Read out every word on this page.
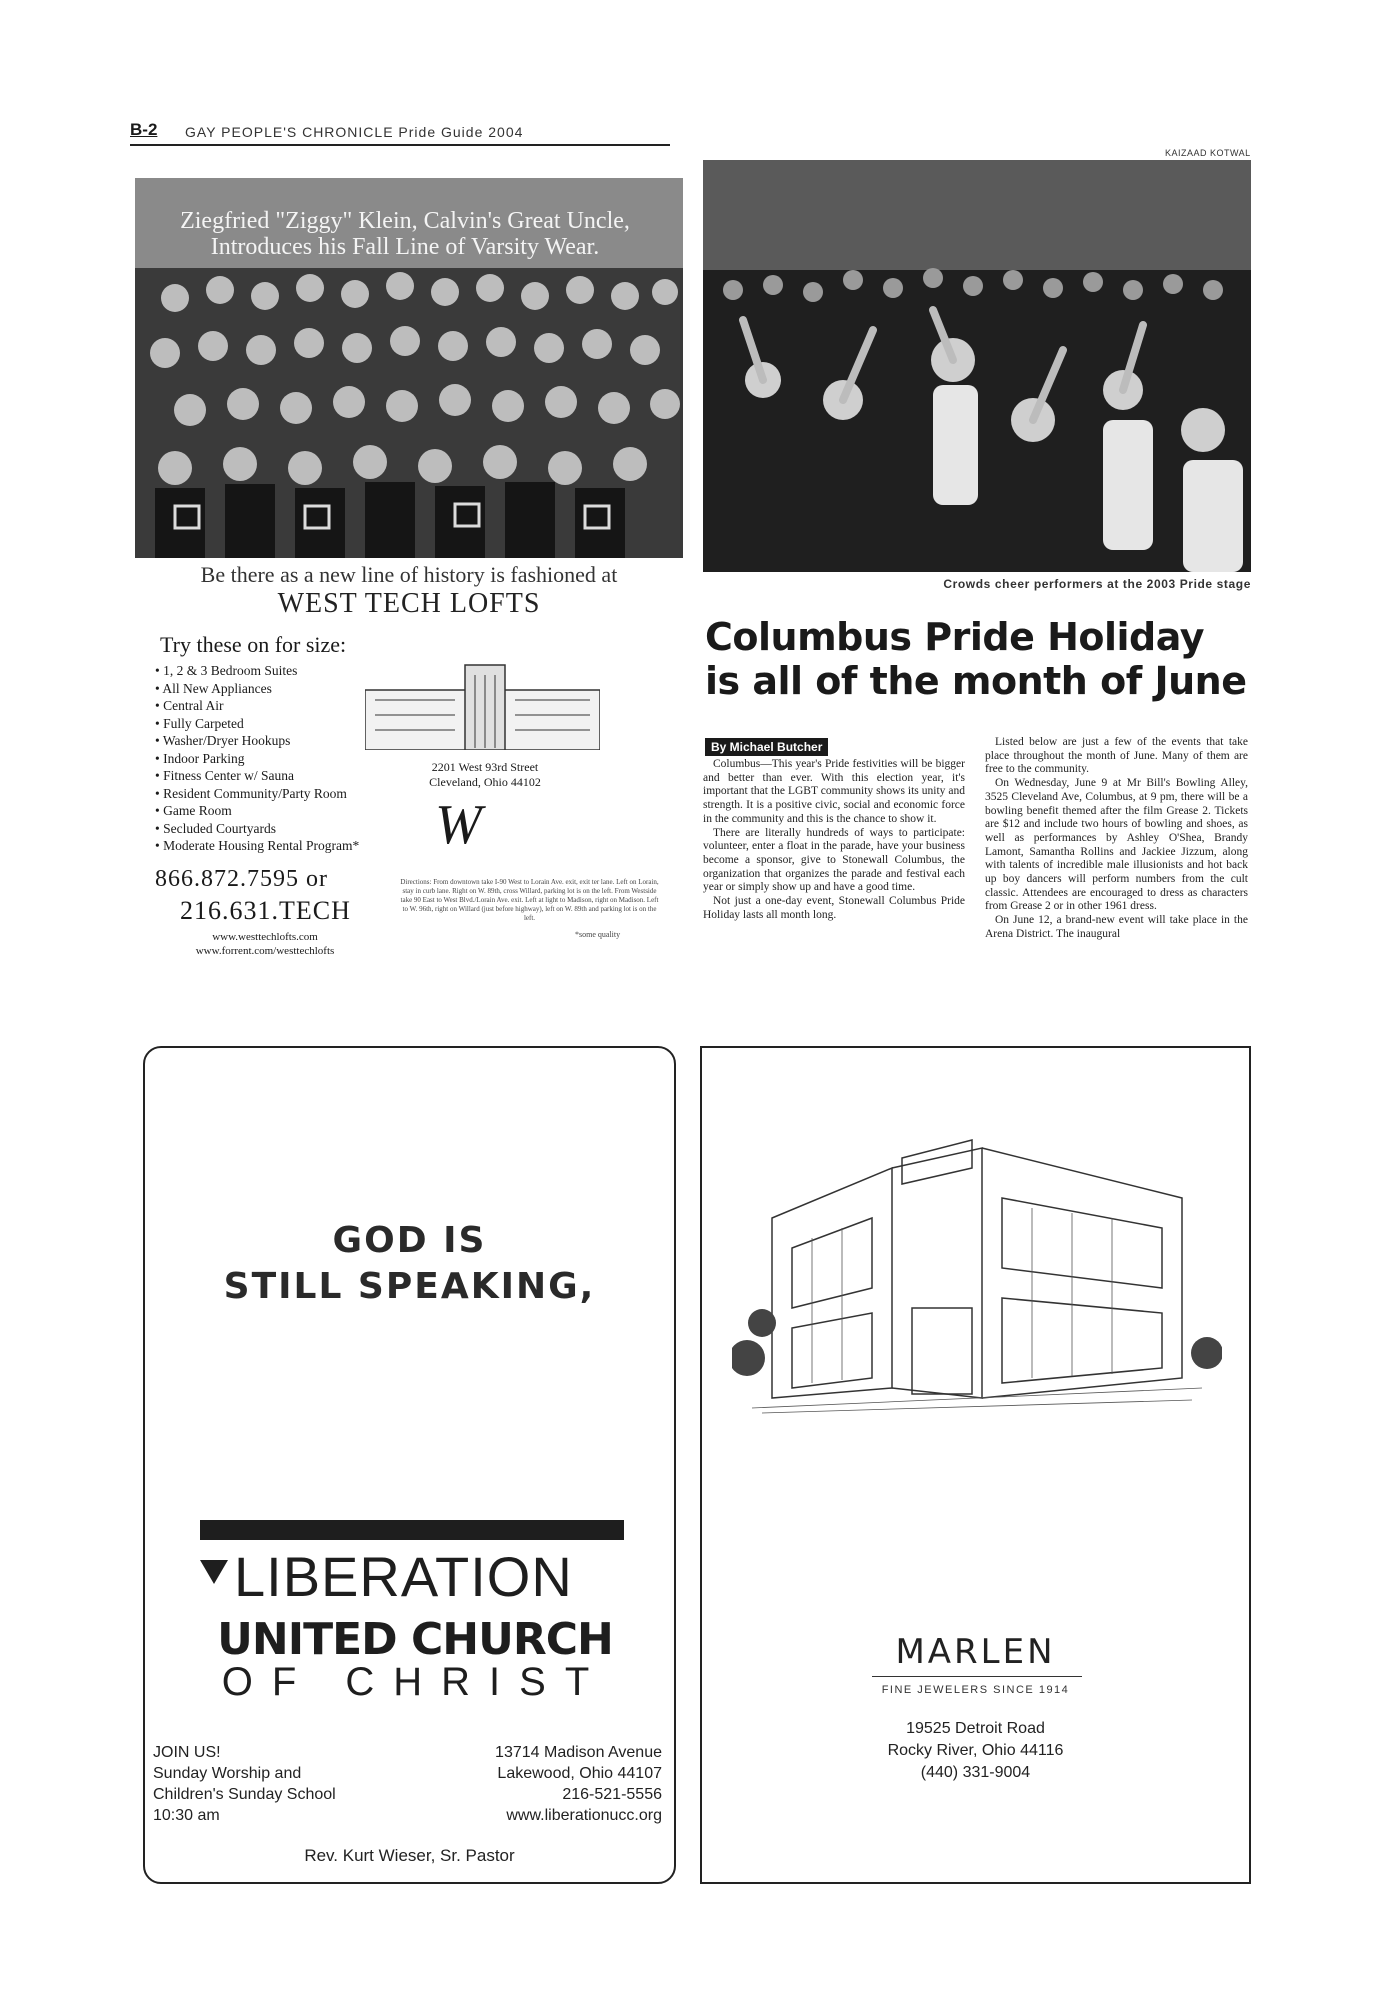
B-2 GAY PEOPLE'S CHRONICLE Pride Guide 2004
KAIZAAD KOTWAL
Ziegfried "Ziggy" Klein, Calvin's Great Uncle,
Introduces his Fall Line of Varsity Wear.
Be there as a new line of history is fashioned at
WEST TECH LOFTS
Try these on for size:
• 1, 2 & 3 Bedroom Suites
• All New Appliances
• Central Air
• Fully Carpeted
• Washer/Dryer Hookups
• Indoor Parking
• Fitness Center w/ Sauna
• Resident Community/Party Room
• Game Room
• Secluded Courtyards
• Moderate Housing Rental Program*
2201 West 93rd Street
Cleveland, Ohio 44102
W
866.872.7595 or
216.631.TECH
www.westtechlofts.com
www.forrent.com/westtechlofts
Directions: From downtown take I-90 West to Lorain Ave. exit, exit ter lane. Left on Lorain, stay in curb lane. Right on W. 89th, cross Willard, parking lot is on the left. From Westside take 90 East to West Blvd./Lorain Ave. exit. Left at light to Madison, right on Madison. Left to W. 96th, right on Willard (just before highway), left on W. 89th and parking lot is on the left.
*some quality
Crowds cheer performers at the 2003 Pride stage
Columbus Pride Holiday is all of the month of June
By Michael Butcher

Columbus—This year's Pride festivities will be bigger and better than ever. With this election year, it's important that the LGBT community shows its unity and strength. It is a positive civic, social and economic force in the community and this is the chance to show it.

There are literally hundreds of ways to participate: volunteer, enter a float in the parade, have your business become a sponsor, give to Stonewall Columbus, the organization that organizes the parade and festival each year or simply show up and have a good time.

Not just a one-day event, Stonewall Columbus Pride Holiday lasts all month long.

Listed below are just a few of the events that take place throughout the month of June. Many of them are free to the community.

On Wednesday, June 9 at Mr Bill's Bowling Alley, 3525 Cleveland Ave, Columbus, at 9 pm, there will be a bowling benefit themed after the film Grease 2. Tickets are $12 and include two hours of bowling and shoes, as well as performances by Ashley O'Shea, Brandy Lamont, Samantha Rollins and Jackiee Jizzum, along with talents of incredible male illusionists and hot back up boy dancers will perform numbers from the cult classic. Attendees are encouraged to dress as characters from Grease 2 or in other 1961 dress.

On June 12, a brand-new event will take place in the Arena District. The inaugural

GOD IS
STILL SPEAKING,
LIBERATION
UNITED CHURCH
OF CHRIST
JOIN US!
Sunday Worship and
Children's Sunday School
10:30 am
13714 Madison Avenue
Lakewood, Ohio 44107
216-521-5556
www.liberationucc.org
Rev. Kurt Wieser, Sr. Pastor
MARLEN
FINE JEWELERS SINCE 1914
19525 Detroit Road
Rocky River, Ohio 44116
(440) 331-9004
